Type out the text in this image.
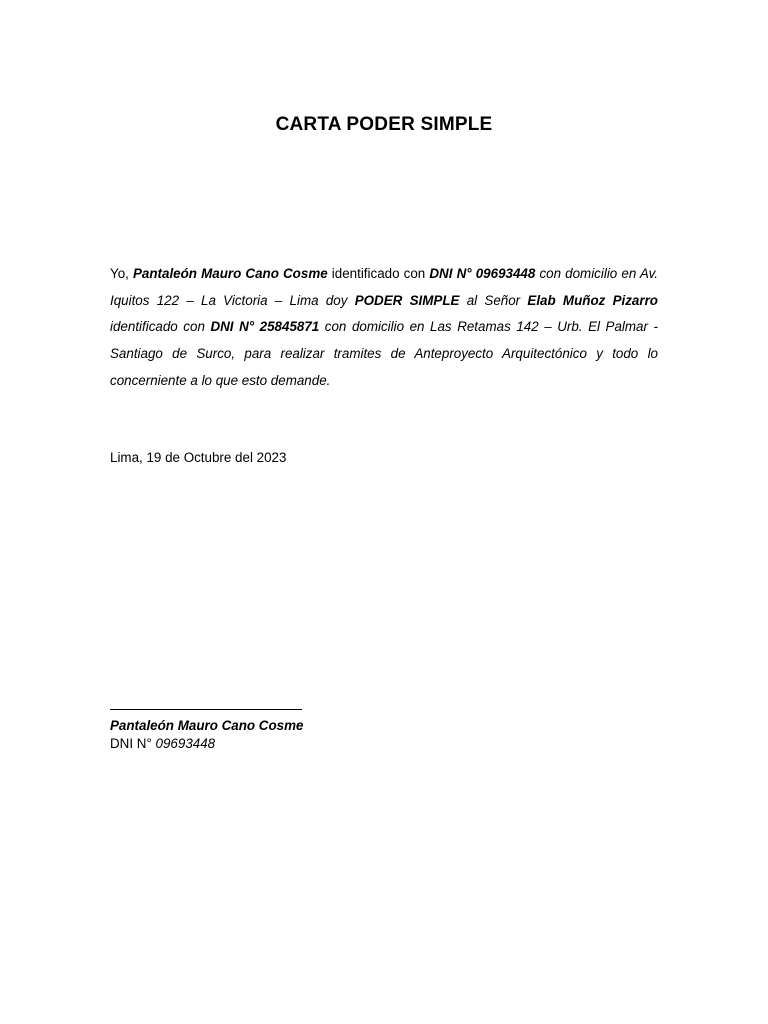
CARTA PODER SIMPLE
Yo, Pantaleón Mauro Cano Cosme identificado con DNI N° 09693448 con domicilio en Av. Iquitos 122 – La Victoria – Lima doy PODER SIMPLE al Señor Elab Muñoz Pizarro identificado con DNI N° 25845871 con domicilio en Las Retamas 142 – Urb. El Palmar - Santiago de Surco, para realizar tramites de Anteproyecto Arquitectónico y todo lo concerniente a lo que esto demande.
Lima, 19 de Octubre del 2023
Pantaleón Mauro Cano Cosme
DNI N° 09693448
